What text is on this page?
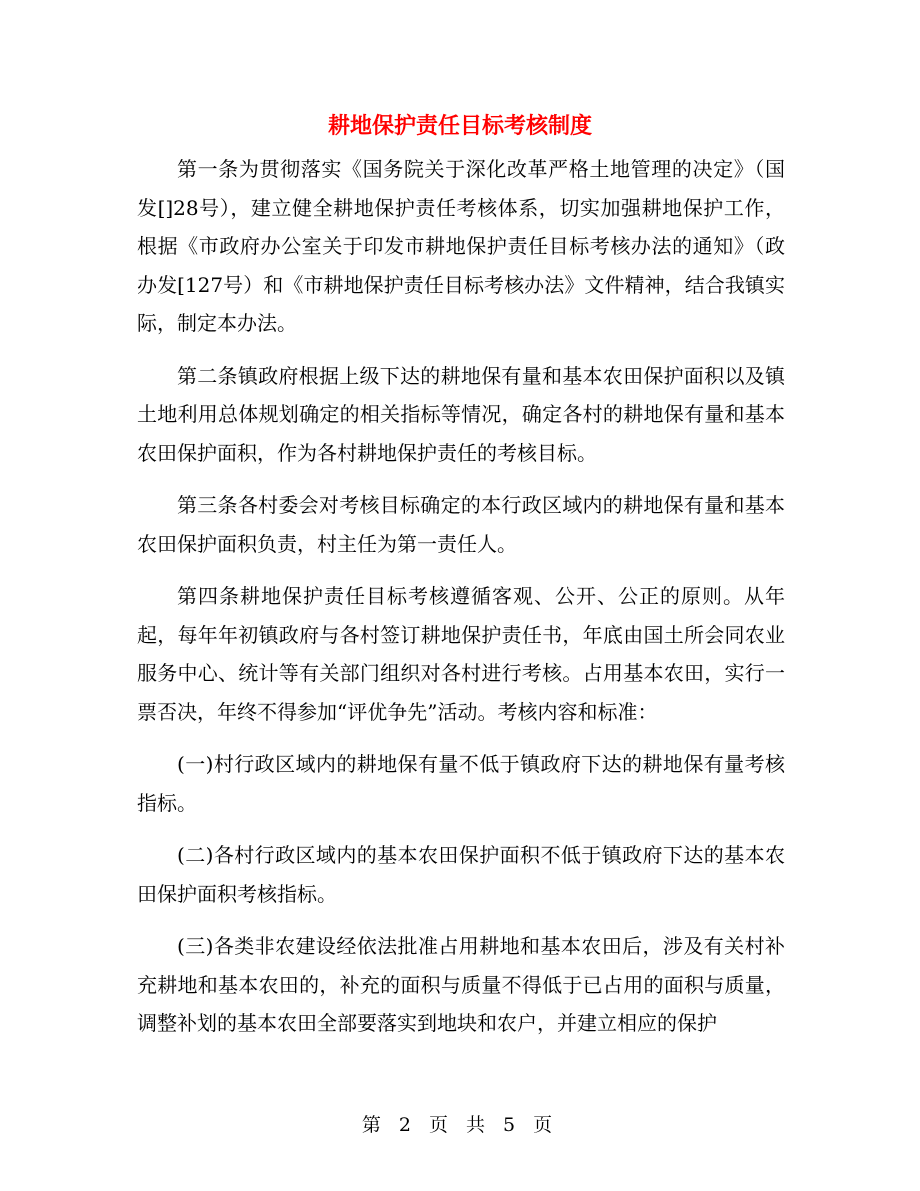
耕地保护责任目标考核制度

第一条为贯彻落实《国务院关于深化改革严格土地管理的决定》（国发[]28号），建立健全耕地保护责任考核体系，切实加强耕地保护工作，根据《市政府办公室关于印发市耕地保护责任目标考核办法的通知》（政办发[127号）和《市耕地保护责任目标考核办法》文件精神，结合我镇实际，制定本办法。

第二条镇政府根据上级下达的耕地保有量和基本农田保护面积以及镇土地利用总体规划确定的相关指标等情况，确定各村的耕地保有量和基本农田保护面积，作为各村耕地保护责任的考核目标。

第三条各村委会对考核目标确定的本行政区域内的耕地保有量和基本农田保护面积负责，村主任为第一责任人。

第四条耕地保护责任目标考核遵循客观、公开、公正的原则。从年起，每年年初镇政府与各村签订耕地保护责任书，年底由国土所会同农业服务中心、统计等有关部门组织对各村进行考核。占用基本农田，实行一票否决，年终不得参加“评优争先”活动。考核内容和标准：

(一)村行政区域内的耕地保有量不低于镇政府下达的耕地保有量考核指标。

(二)各村行政区域内的基本农田保护面积不低于镇政府下达的基本农田保护面积考核指标。

(三)各类非农建设经依法批准占用耕地和基本农田后，涉及有关村补充耕地和基本农田的，补充的面积与质量不得低于已占用的面积与质量，调整补划的基本农田全部要落实到地块和农户，并建立相应的保护

第 2 页 共 5 页
